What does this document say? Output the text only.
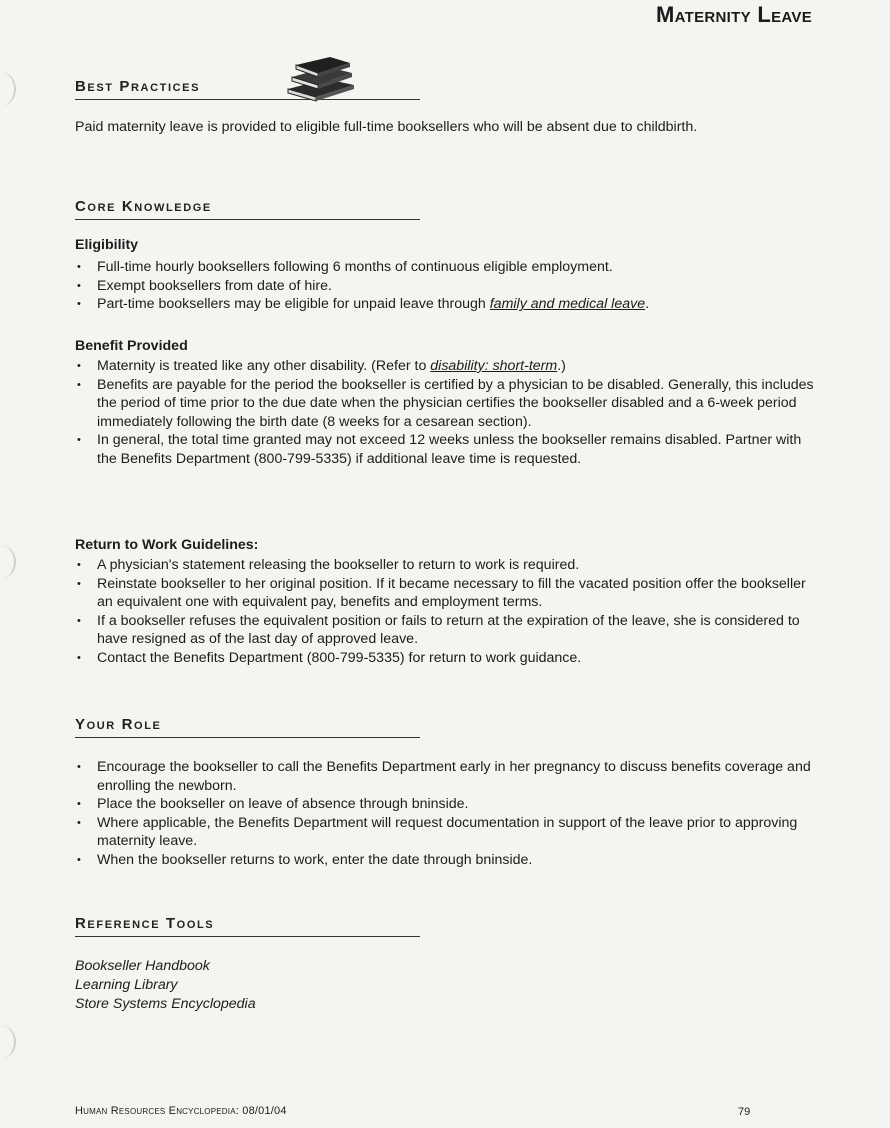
Maternity Leave
Best Practices
Paid maternity leave is provided to eligible full-time booksellers who will be absent due to childbirth.
Core Knowledge
Eligibility
• Full-time hourly booksellers following 6 months of continuous eligible employment.
• Exempt booksellers from date of hire.
• Part-time booksellers may be eligible for unpaid leave through family and medical leave.
Benefit Provided
• Maternity is treated like any other disability. (Refer to disability: short-term.)
• Benefits are payable for the period the bookseller is certified by a physician to be disabled. Generally, this includes the period of time prior to the due date when the physician certifies the bookseller disabled and a 6-week period immediately following the birth date (8 weeks for a cesarean section).
• In general, the total time granted may not exceed 12 weeks unless the bookseller remains disabled. Partner with the Benefits Department (800-799-5335) if additional leave time is requested.
Return to Work Guidelines:
• A physician's statement releasing the bookseller to return to work is required.
• Reinstate bookseller to her original position. If it became necessary to fill the vacated position offer the bookseller an equivalent one with equivalent pay, benefits and employment terms.
• If a bookseller refuses the equivalent position or fails to return at the expiration of the leave, she is considered to have resigned as of the last day of approved leave.
• Contact the Benefits Department (800-799-5335) for return to work guidance.
Your Role
• Encourage the bookseller to call the Benefits Department early in her pregnancy to discuss benefits coverage and enrolling the newborn.
• Place the bookseller on leave of absence through bninside.
• Where applicable, the Benefits Department will request documentation in support of the leave prior to approving maternity leave.
• When the bookseller returns to work, enter the date through bninside.
Reference Tools
Bookseller Handbook
Learning Library
Store Systems Encyclopedia
Human Resources Encyclopedia: 08/01/04	79
